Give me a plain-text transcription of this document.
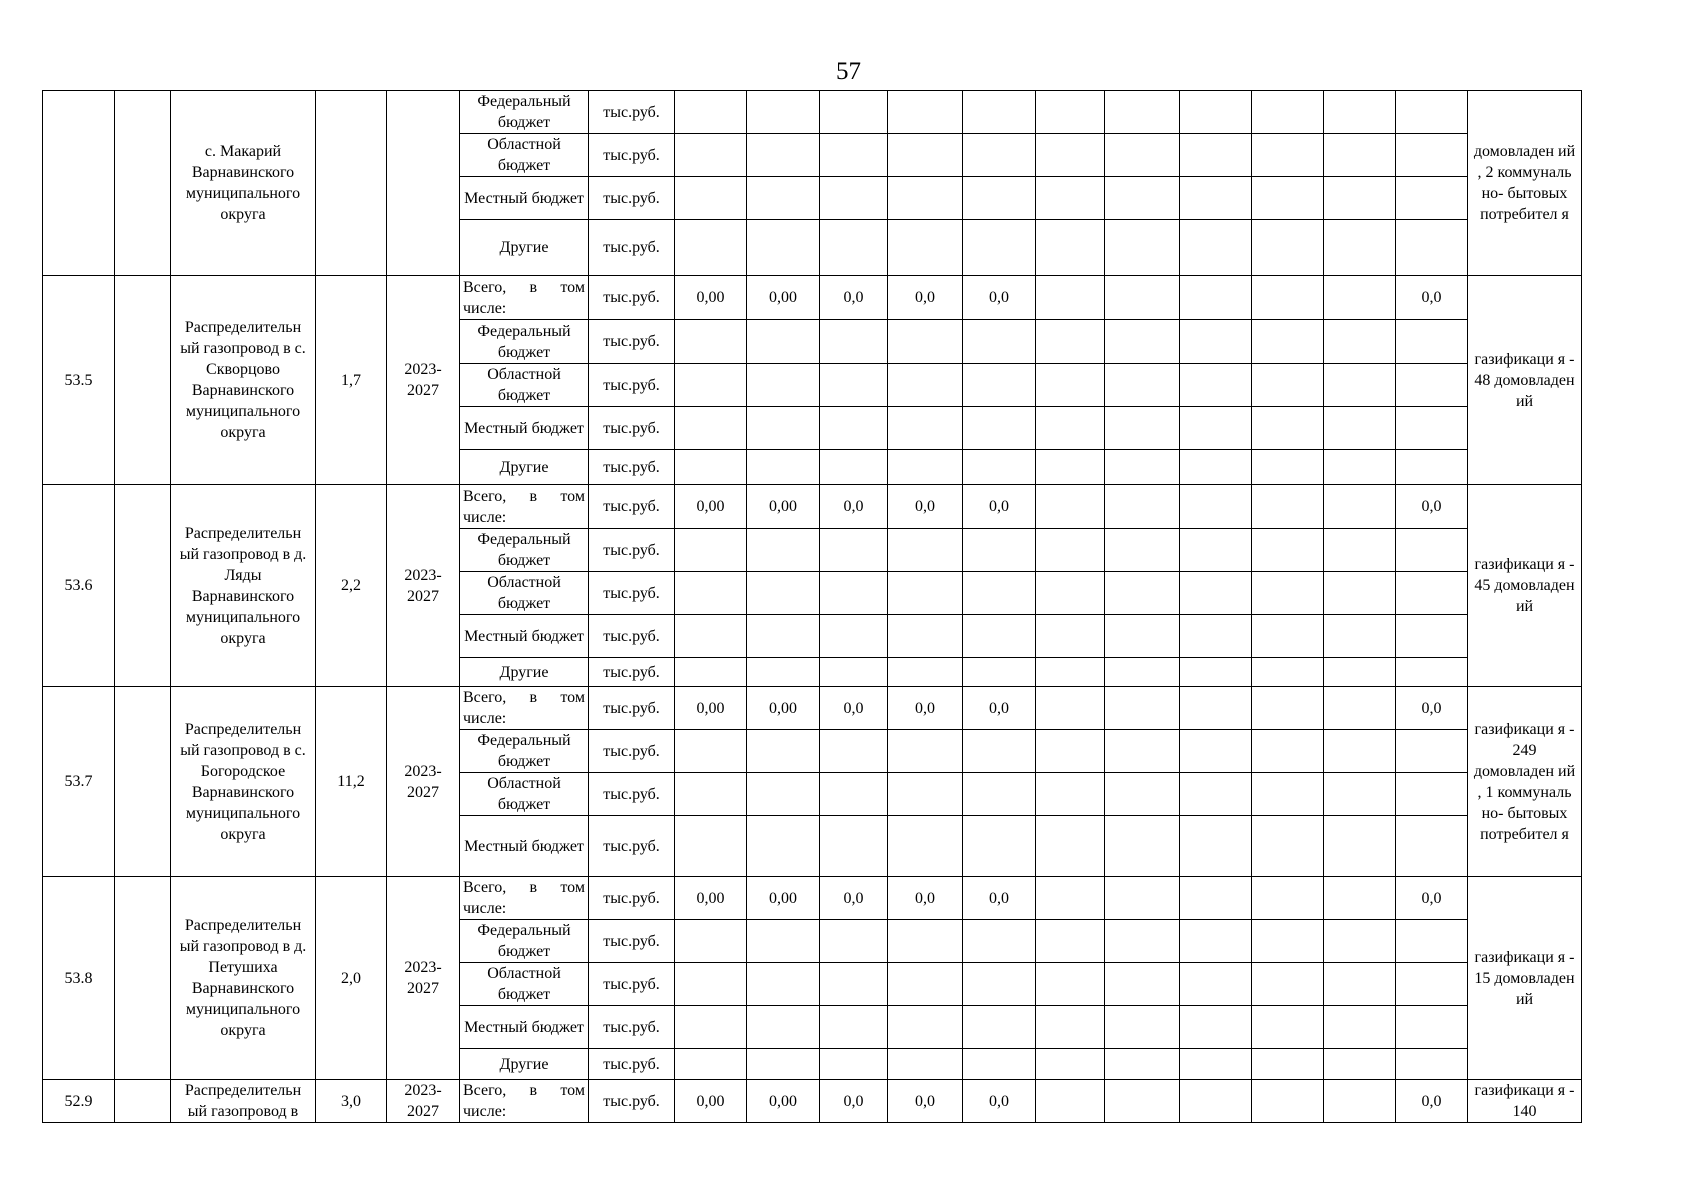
57
		с. Макарий Варнавинского муниципального округа			Федеральный бюджет	тыс.руб.												домовладен ий , 2 коммуналь но- бытовых потребител я
					Областной бюджет	тыс.руб.												
					Местный бюджет	тыс.руб.												
					Другие	тыс.руб.												
53.5		Распределительн ый газопровод в с. Скворцово Варнавинского муниципального округа	1,7	2023- 2027	Всего, в том числе:	тыс.руб.	0,00	0,00	0,0	0,0	0,0						0,0	газификаци я - 48 домовладен ий
					Федеральный бюджет	тыс.руб.												
					Областной бюджет	тыс.руб.												
					Местный бюджет	тыс.руб.												
					Другие	тыс.руб.												
53.6		Распределительн ый газопровод в д. Ляды Варнавинского муниципального округа	2,2	2023- 2027	Всего, в том числе:	тыс.руб.	0,00	0,00	0,0	0,0	0,0						0,0	газификаци я - 45 домовладен ий
					Федеральный бюджет	тыс.руб.												
					Областной бюджет	тыс.руб.												
					Местный бюджет	тыс.руб.												
					Другие	тыс.руб.												
53.7		Распределительн ый газопровод в с. Богородское Варнавинского муниципального округа	11,2	2023- 2027	Всего, в том числе:	тыс.руб.	0,00	0,00	0,0	0,0	0,0						0,0	газификаци я - 249 домовладен ий , 1 коммуналь но- бытовых потребител я
					Федеральный бюджет	тыс.руб.												
					Областной бюджет	тыс.руб.												
					Местный бюджет	тыс.руб.												
53.8		Распределительн ый газопровод в д. Петушиха Варнавинского муниципального округа	2,0	2023- 2027	Всего, в том числе:	тыс.руб.	0,00	0,00	0,0	0,0	0,0						0,0	газификаци я - 15 домовладен ий
					Федеральный бюджет	тыс.руб.												
					Областной бюджет	тыс.руб.												
					Местный бюджет	тыс.руб.												
					Другие	тыс.руб.												
52.9		Распределительн ый газопровод в	3,0	2023- 2027	Всего, в том числе:	тыс.руб.	0,00	0,00	0,0	0,0	0,0						0,0	газификаци я - 140
